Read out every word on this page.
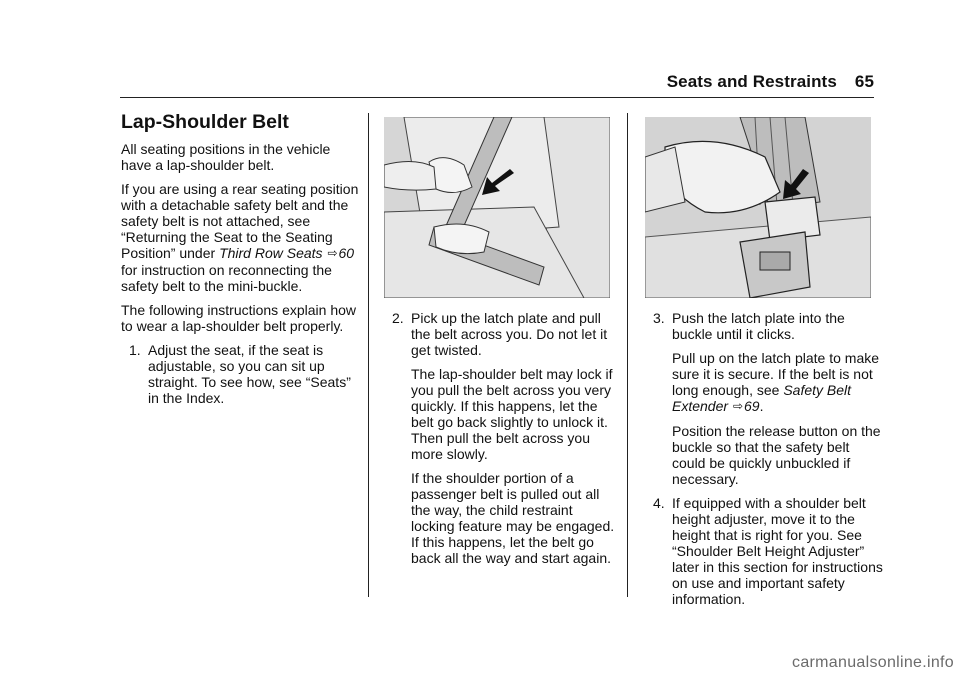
Seats and Restraints 65
Lap-Shoulder Belt

All seating positions in the vehicle have a lap-shoulder belt.

If you are using a rear seating position with a detachable safety belt and the safety belt is not attached, see “Returning the Seat to the Seating Position” under Third Row Seats ⇨60 for instruction on reconnecting the safety belt to the mini-buckle.

The following instructions explain how to wear a lap-shoulder belt properly.

1. Adjust the seat, if the seat is adjustable, so you can sit up straight. To see how, see “Seats” in the Index.

2. Pick up the latch plate and pull the belt across you. Do not let it get twisted.

The lap-shoulder belt may lock if you pull the belt across you very quickly. If this happens, let the belt go back slightly to unlock it. Then pull the belt across you more slowly.

If the shoulder portion of a passenger belt is pulled out all the way, the child restraint locking feature may be engaged. If this happens, let the belt go back all the way and start again.

3. Push the latch plate into the buckle until it clicks.

Pull up on the latch plate to make sure it is secure. If the belt is not long enough, see Safety Belt Extender ⇨69.

Position the release button on the buckle so that the safety belt could be quickly unbuckled if necessary.

4. If equipped with a shoulder belt height adjuster, move it to the height that is right for you. See “Shoulder Belt Height Adjuster” later in this section for instructions on use and important safety information.

carmanualsonline.info
